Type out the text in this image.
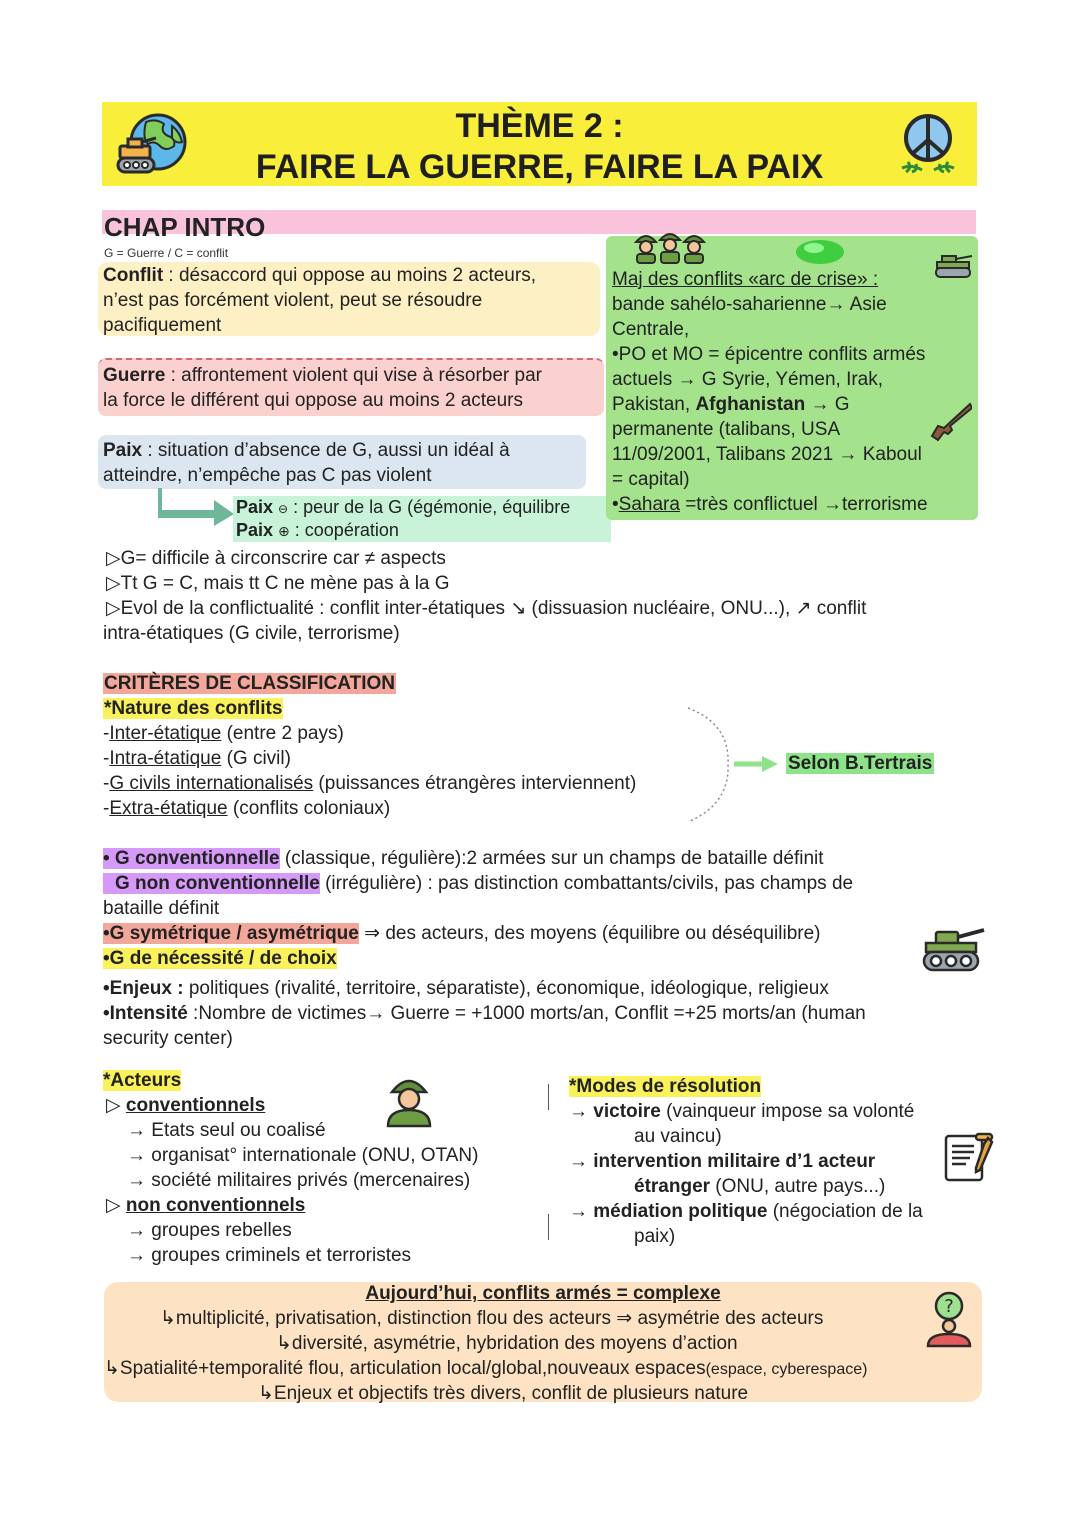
THÈME 2 :
FAIRE LA GUERRE, FAIRE LA PAIX
CHAP INTRO
G = Guerre / C = conflit
Conflit : désaccord qui oppose au moins 2 acteurs,
n’est pas forcément violent, peut se résoudre
pacifiquement
Guerre : affrontement violent qui vise à résorber par
la force le différent qui oppose au moins 2 acteurs
Paix : situation d’absence de G, aussi un idéal à
atteindre, n’empêche pas C pas violent
Paix ⊖ : peur de la G (égémonie, équilibre
Paix ⊕ : coopération
Maj des conflits «arc de crise» :
bande sahélo-saharienne→ Asie
Centrale,
•PO et MO = épicentre conflits armés
actuels → G Syrie, Yémen, Irak,
Pakistan, Afghanistan → G
permanente (talibans, USA
11/09/2001, Talibans 2021 → Kaboul
= capital)
•Sahara =très conflictuel →terrorisme
▷G= difficile à circonscrire car ≠ aspects
▷Tt G = C, mais tt C ne mène pas à la G
▷Evol de la conflictualité : conflit inter-étatiques ↘ (dissuasion nucléaire, ONU...), ↗ conflit
intra-étatiques (G civile, terrorisme)
CRITÈRES DE CLASSIFICATION
*Nature des conflits
-Inter-étatique (entre 2 pays)
-Intra-étatique (G civil)
-G civils internationalisés (puissances étrangères interviennent)
-Extra-étatique (conflits coloniaux)
Selon B.Tertrais
• G conventionnelle (classique, régulière):2 armées sur un champs de bataille définit
G non conventionnelle (irrégulière) : pas distinction combattants/civils, pas champs de
bataille définit
•G symétrique / asymétrique ⇒ des acteurs, des moyens (équilibre ou déséquilibre)
•G de nécessité / de choix
•Enjeux : politiques (rivalité, territoire, séparatiste), économique, idéologique, religieux
•Intensité :Nombre de victimes→ Guerre = +1000 morts/an, Conflit =+25 morts/an (human
security center)
*Acteurs
▷ conventionnels
→ Etats seul ou coalisé
→ organisat° internationale (ONU, OTAN)
→ société militaires privés (mercenaires)
▷ non conventionnels
→ groupes rebelles
→ groupes criminels et terroristes
*Modes de résolution
→ victoire (vainqueur impose sa volonté
au vaincu)
→ intervention militaire d’1 acteur
étranger (ONU, autre pays...)
→ médiation politique (négociation de la
paix)
Aujourd’hui, conflits armés = complexe
↳multiplicité, privatisation, distinction flou des acteurs ⇒ asymétrie des acteurs
↳diversité, asymétrie, hybridation des moyens d’action
↳Spatialité+temporalité flou, articulation local/global,nouveaux espaces(espace, cyberespace)
↳Enjeux et objectifs très divers, conflit de plusieurs nature
?
